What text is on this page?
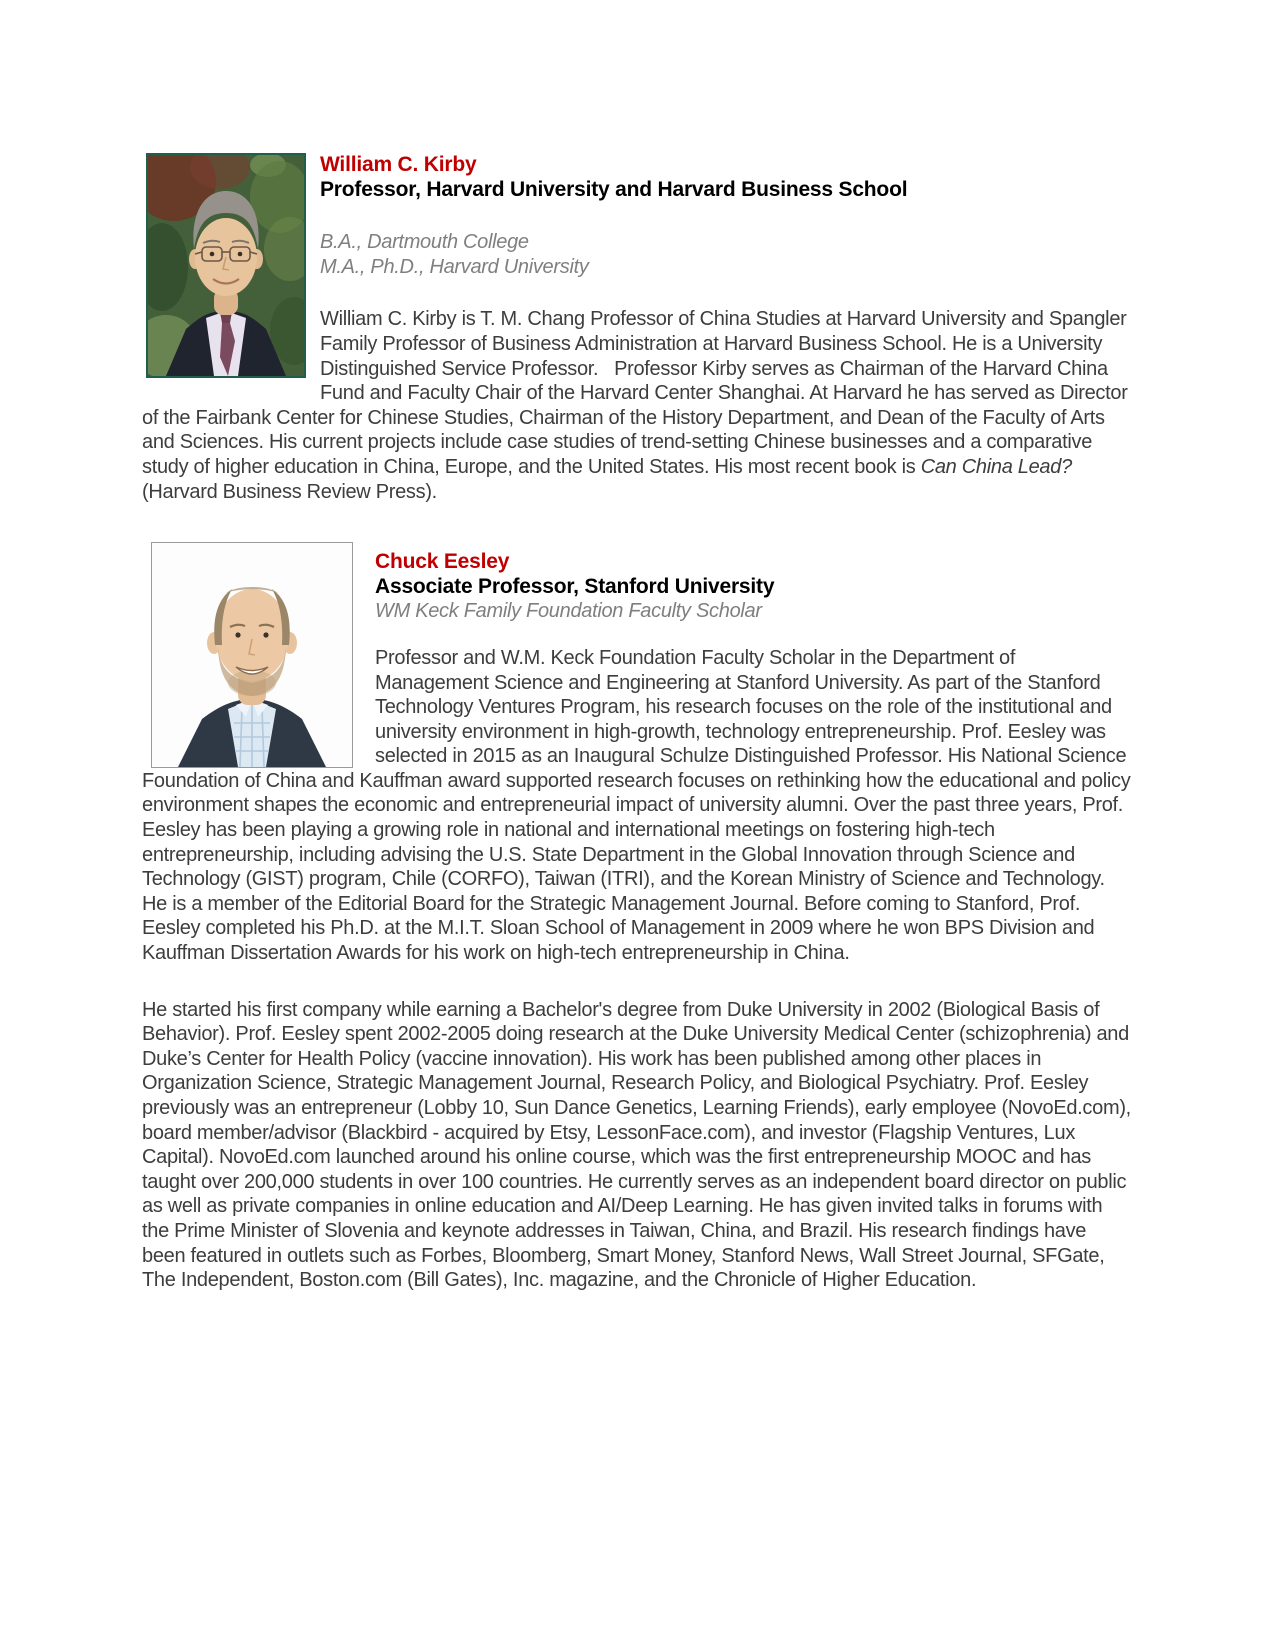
William C. Kirby
Professor, Harvard University and Harvard Business School
B.A., Dartmouth College
M.A., Ph.D., Harvard University
William C. Kirby is T. M. Chang Professor of China Studies at Harvard University and Spangler Family Professor of Business Administration at Harvard Business School. He is a University Distinguished Service Professor.   Professor Kirby serves as Chairman of the Harvard China Fund and Faculty Chair of the Harvard Center Shanghai. At Harvard he has served as Director of the Fairbank Center for Chinese Studies, Chairman of the History Department, and Dean of the Faculty of Arts and Sciences. His current projects include case studies of trend-setting Chinese businesses and a comparative study of higher education in China, Europe, and the United States. His most recent book is Can China Lead? (Harvard Business Review Press).
Chuck Eesley
Associate Professor, Stanford University
WM Keck Family Foundation Faculty Scholar
Professor and W.M. Keck Foundation Faculty Scholar in the Department of Management Science and Engineering at Stanford University. As part of the Stanford Technology Ventures Program, his research focuses on the role of the institutional and university environment in high-growth, technology entrepreneurship. Prof. Eesley was selected in 2015 as an Inaugural Schulze Distinguished Professor. His National Science Foundation of China and Kauffman award supported research focuses on rethinking how the educational and policy environment shapes the economic and entrepreneurial impact of university alumni. Over the past three years, Prof. Eesley has been playing a growing role in national and international meetings on fostering high-tech entrepreneurship, including advising the U.S. State Department in the Global Innovation through Science and Technology (GIST) program, Chile (CORFO), Taiwan (ITRI), and the Korean Ministry of Science and Technology. He is a member of the Editorial Board for the Strategic Management Journal. Before coming to Stanford, Prof. Eesley completed his Ph.D. at the M.I.T. Sloan School of Management in 2009 where he won BPS Division and Kauffman Dissertation Awards for his work on high-tech entrepreneurship in China.
He started his first company while earning a Bachelor's degree from Duke University in 2002 (Biological Basis of Behavior). Prof. Eesley spent 2002-2005 doing research at the Duke University Medical Center (schizophrenia) and Duke’s Center for Health Policy (vaccine innovation). His work has been published among other places in Organization Science, Strategic Management Journal, Research Policy, and Biological Psychiatry. Prof. Eesley previously was an entrepreneur (Lobby 10, Sun Dance Genetics, Learning Friends), early employee (NovoEd.com), board member/advisor (Blackbird - acquired by Etsy, LessonFace.com), and investor (Flagship Ventures, Lux Capital). NovoEd.com launched around his online course, which was the first entrepreneurship MOOC and has taught over 200,000 students in over 100 countries. He currently serves as an independent board director on public as well as private companies in online education and AI/Deep Learning. He has given invited talks in forums with the Prime Minister of Slovenia and keynote addresses in Taiwan, China, and Brazil. His research findings have been featured in outlets such as Forbes, Bloomberg, Smart Money, Stanford News, Wall Street Journal, SFGate, The Independent, Boston.com (Bill Gates), Inc. magazine, and the Chronicle of Higher Education.
